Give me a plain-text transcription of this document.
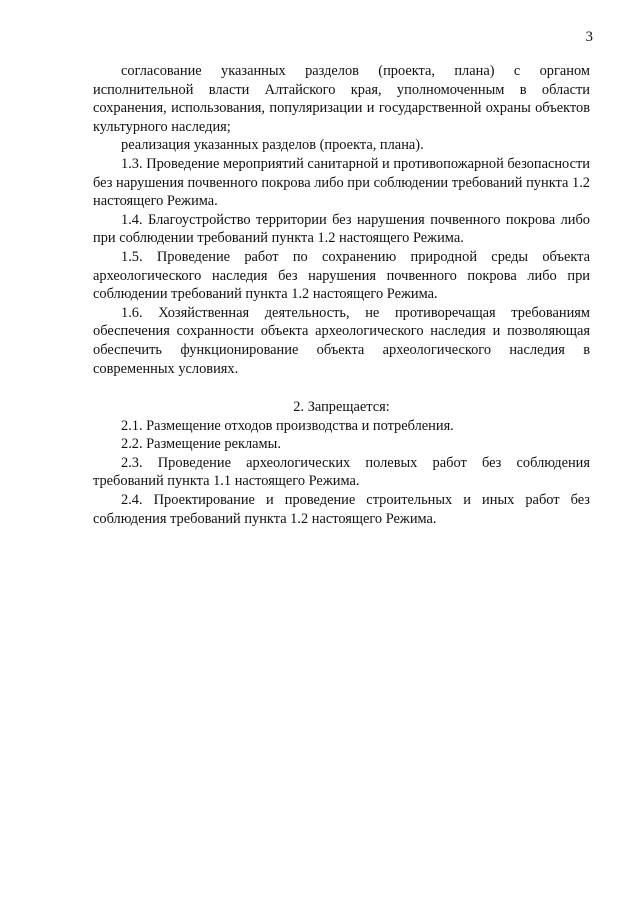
3

согласование указанных разделов (проекта, плана) с органом исполнительной власти Алтайского края, уполномоченным в области сохранения, использования, популяризации и государственной охраны объектов культурного наследия;

реализация указанных разделов (проекта, плана).

1.3. Проведение мероприятий санитарной и противопожарной безопасности без нарушения почвенного покрова либо при соблюдении требований пункта 1.2 настоящего Режима.

1.4. Благоустройство территории без нарушения почвенного покрова либо при соблюдении требований пункта 1.2 настоящего Режима.

1.5. Проведение работ по сохранению природной среды объекта археологического наследия без нарушения почвенного покрова либо при соблюдении требований пункта 1.2 настоящего Режима.

1.6. Хозяйственная деятельность, не противоречащая требованиям обеспечения сохранности объекта археологического наследия и позволяющая обеспечить функционирование объекта археологического наследия в современных условиях.

2. Запрещается:

2.1. Размещение отходов производства и потребления.

2.2. Размещение рекламы.

2.3. Проведение археологических полевых работ без соблюдения требований пункта 1.1 настоящего Режима.

2.4. Проектирование и проведение строительных и иных работ без соблюдения требований пункта 1.2 настоящего Режима.
